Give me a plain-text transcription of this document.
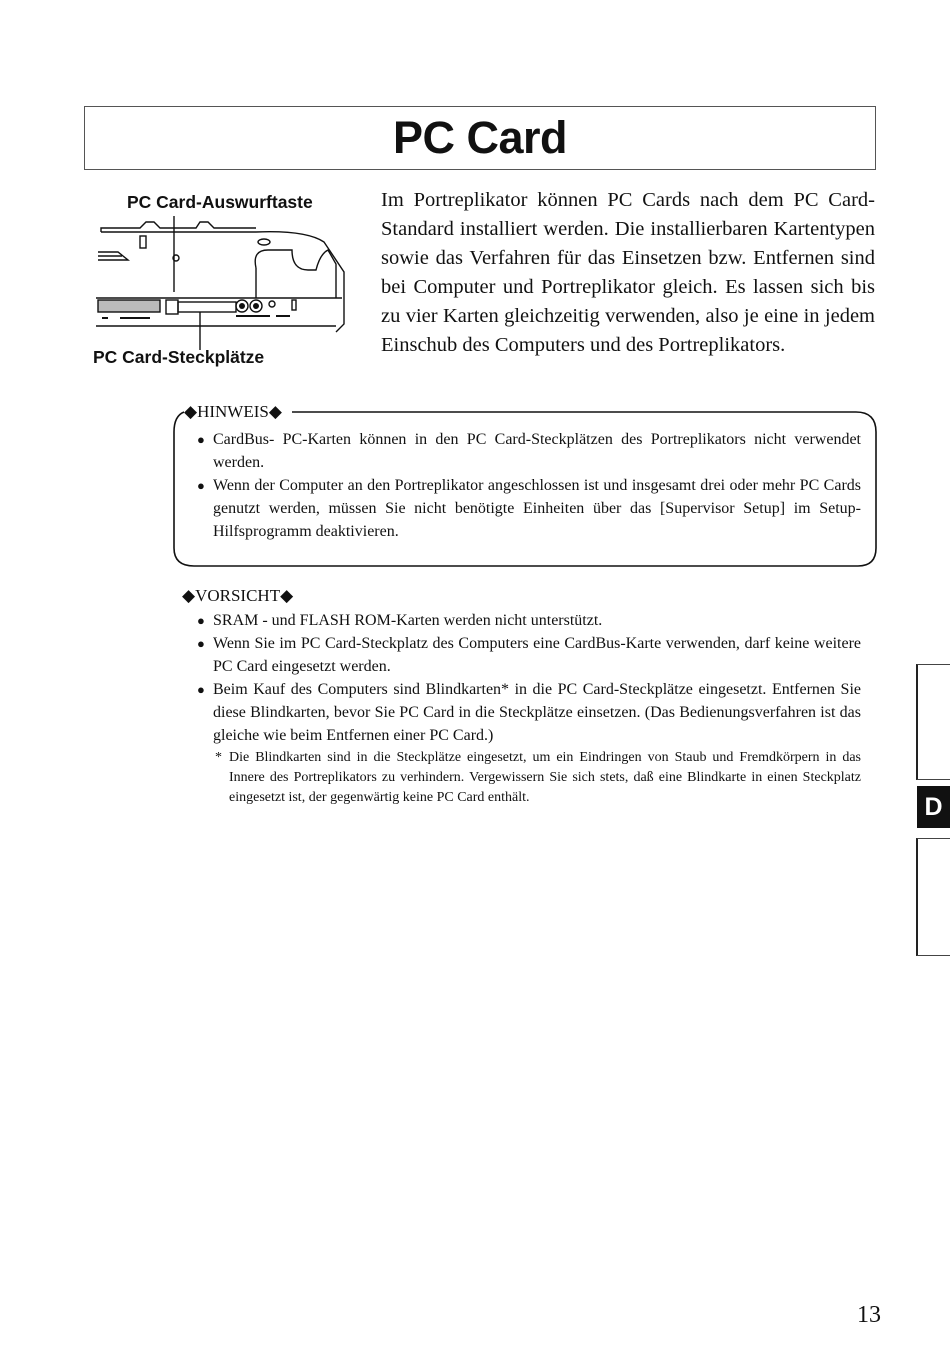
PC Card
PC Card-Auswurftaste
PC Card-Steckplätze

Im Portreplikator können PC Cards nach dem PC Card-Standard installiert werden. Die installierbaren Kartentypen sowie das Verfahren für das Einsetzen bzw. Entfernen sind bei Computer und Portreplikator gleich. Es lassen sich bis zu vier Karten gleichzeitig verwenden, also je eine in jedem Einschub des Computers und des Portreplikators.

◆HINWEIS◆
● CardBus- PC-Karten können in den PC Card-Steckplätzen des Portreplikators nicht verwendet werden.
● Wenn der Computer an den Portreplikator angeschlossen ist und insgesamt drei oder mehr PC Cards genutzt werden, müssen Sie nicht benötigte Einheiten über das [Supervisor Setup] im Setup-Hilfsprogramm deaktivieren.
◆VORSICHT◆
● SRAM - und FLASH ROM-Karten werden nicht unterstützt.
● Wenn Sie im PC Card-Steckplatz des Computers eine CardBus-Karte verwenden, darf keine weitere PC Card eingesetzt werden.
● Beim Kauf des Computers sind Blindkarten* in die PC Card-Steckplätze eingesetzt. Entfernen Sie diese Blindkarten, bevor Sie PC Card in die Steckplätze einsetzen. (Das Bedienungsverfahren ist das gleiche wie beim Entfernen einer PC Card.)
* Die Blindkarten sind in die Steckplätze eingesetzt, um ein Eindringen von Staub und Fremdkörpern in das Innere des Portreplikators zu verhindern. Vergewissern Sie sich stets, daß eine Blindkarte in einen Steckplatz eingesetzt ist, der gegenwärtig keine PC Card enthält.	D
13
